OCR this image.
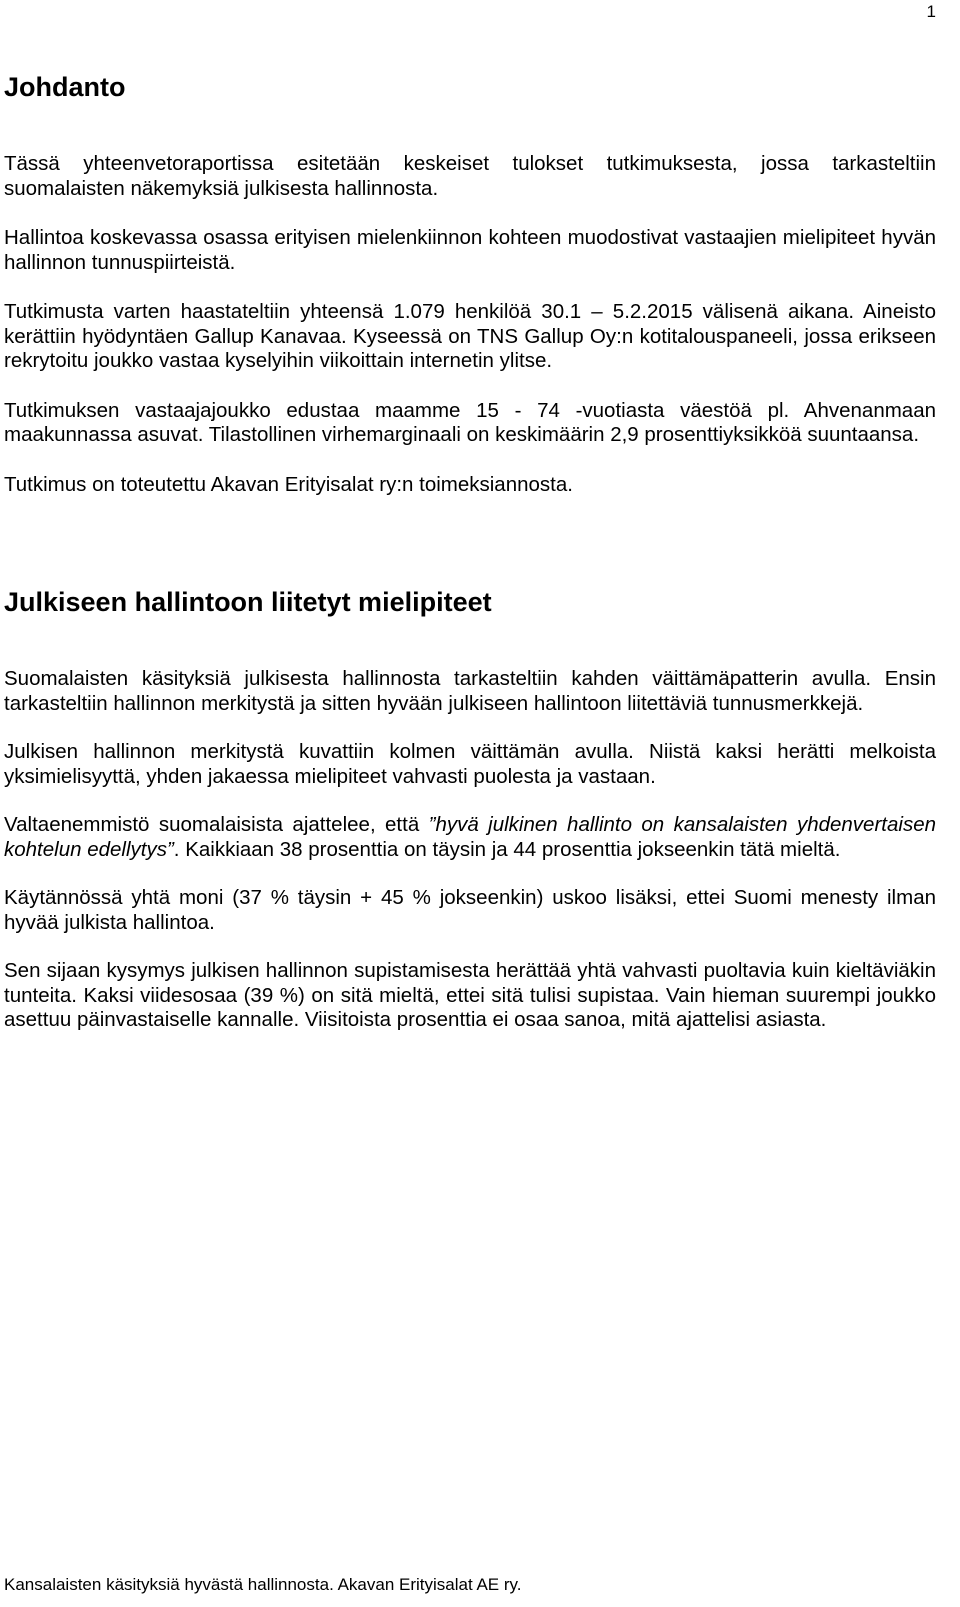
1
Johdanto

Tässä yhteenvetoraportissa esitetään keskeiset tulokset tutkimuksesta, jossa tarkasteltiin suomalaisten näkemyksiä julkisesta hallinnosta.

Hallintoa koskevassa osassa erityisen mielenkiinnon kohteen muodostivat vastaajien mielipiteet hyvän hallinnon tunnuspiirteistä.

Tutkimusta varten haastateltiin yhteensä 1.079 henkilöä 30.1 – 5.2.2015 välisenä aikana. Aineisto kerättiin hyödyntäen Gallup Kanavaa. Kyseessä on TNS Gallup Oy:n kotitalouspaneeli, jossa erikseen rekrytoitu joukko vastaa kyselyihin viikoittain internetin ylitse.

Tutkimuksen vastaajajoukko edustaa maamme 15 - 74 -vuotiasta väestöä pl. Ahvenanmaan maakunnassa asuvat. Tilastollinen virhemarginaali on keskimäärin 2,9 prosenttiyksikköä suuntaansa.

Tutkimus on toteutettu Akavan Erityisalat ry:n toimeksiannosta.

Julkiseen hallintoon liitetyt mielipiteet

Suomalaisten käsityksiä julkisesta hallinnosta tarkasteltiin kahden väittämäpatterin avulla. Ensin tarkasteltiin hallinnon merkitystä ja sitten hyvään julkiseen hallintoon liitettäviä tunnusmerkkejä.

Julkisen hallinnon merkitystä kuvattiin kolmen väittämän avulla. Niistä kaksi herätti melkoista yksimielisyyttä, yhden jakaessa mielipiteet vahvasti puolesta ja vastaan.

Valtaenemmistö suomalaisista ajattelee, että ”hyvä julkinen hallinto on kansalaisten yhdenvertaisen kohtelun edellytys”. Kaikkiaan 38 prosenttia on täysin ja 44 prosenttia jokseenkin tätä mieltä.

Käytännössä yhtä moni (37 % täysin + 45 % jokseenkin) uskoo lisäksi, ettei Suomi menesty ilman hyvää julkista hallintoa.

Sen sijaan kysymys julkisen hallinnon supistamisesta herättää yhtä vahvasti puoltavia kuin kieltäviäkin tunteita. Kaksi viidesosaa (39 %) on sitä mieltä, ettei sitä tulisi supistaa. Vain hieman suurempi joukko asettuu päinvastaiselle kannalle. Viisitoista prosenttia ei osaa sanoa, mitä ajattelisi asiasta.

Kansalaisten käsityksiä hyvästä hallinnosta. Akavan Erityisalat AE ry.
